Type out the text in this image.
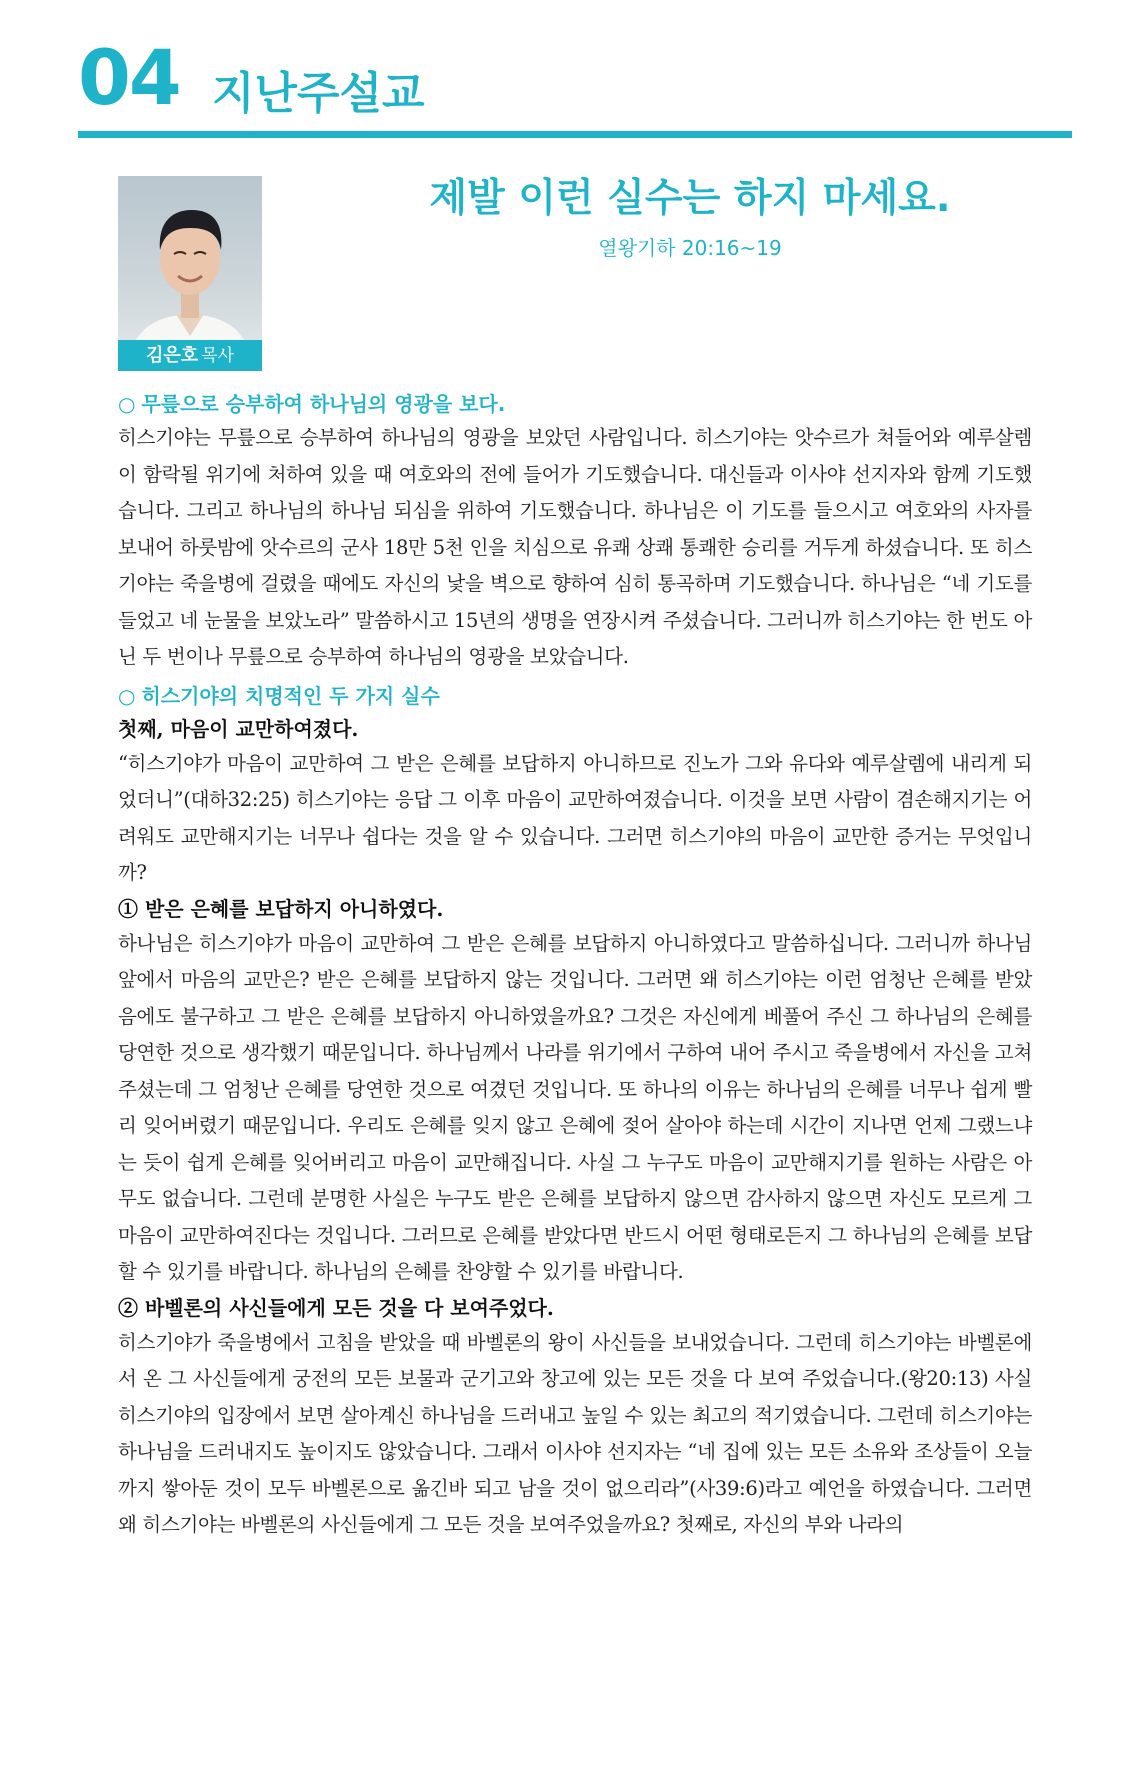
04 지난주설교
김은호 목사
제발 이런 실수는 하지 마세요.
열왕기하 20:16~19

○ 무릎으로 승부하여 하나님의 영광을 보다.

히스기야는 무릎으로 승부하여 하나님의 영광을 보았던 사람입니다. 히스기야는 앗수르가 쳐들어와 예루살렘이 함락될 위기에 처하여 있을 때 여호와의 전에 들어가 기도했습니다. 대신들과 이사야 선지자와 함께 기도했습니다. 그리고 하나님의 하나님 되심을 위하여 기도했습니다. 하나님은 이 기도를 들으시고 여호와의 사자를 보내어 하룻밤에 앗수르의 군사 18만 5천 인을 치심으로 유쾌 상쾌 통쾌한 승리를 거두게 하셨습니다. 또 히스기야는 죽을병에 걸렸을 때에도 자신의 낯을 벽으로 향하여 심히 통곡하며 기도했습니다. 하나님은 “네 기도를 들었고 네 눈물을 보았노라” 말씀하시고 15년의 생명을 연장시켜 주셨습니다. 그러니까 히스기야는 한 번도 아닌 두 번이나 무릎으로 승부하여 하나님의 영광을 보았습니다.

○ 히스기야의 치명적인 두 가지 실수

첫째, 마음이 교만하여졌다.

“히스기야가 마음이 교만하여 그 받은 은혜를 보답하지 아니하므로 진노가 그와 유다와 예루살렘에 내리게 되었더니”(대하32:25) 히스기야는 응답 그 이후 마음이 교만하여졌습니다. 이것을 보면 사람이 겸손해지기는 어려워도 교만해지기는 너무나 쉽다는 것을 알 수 있습니다. 그러면 히스기야의 마음이 교만한 증거는 무엇입니까?

① 받은 은혜를 보답하지 아니하였다.

하나님은 히스기야가 마음이 교만하여 그 받은 은혜를 보답하지 아니하였다고 말씀하십니다. 그러니까 하나님 앞에서 마음의 교만은? 받은 은혜를 보답하지 않는 것입니다. 그러면 왜 히스기야는 이런 엄청난 은혜를 받았음에도 불구하고 그 받은 은혜를 보답하지 아니하였을까요? 그것은 자신에게 베풀어 주신 그 하나님의 은혜를 당연한 것으로 생각했기 때문입니다. 하나님께서 나라를 위기에서 구하여 내어 주시고 죽을병에서 자신을 고쳐주셨는데 그 엄청난 은혜를 당연한 것으로 여겼던 것입니다. 또 하나의 이유는 하나님의 은혜를 너무나 쉽게 빨리 잊어버렸기 때문입니다. 우리도 은혜를 잊지 않고 은혜에 젖어 살아야 하는데 시간이 지나면 언제 그랬느냐는 듯이 쉽게 은혜를 잊어버리고 마음이 교만해집니다. 사실 그 누구도 마음이 교만해지기를 원하는 사람은 아무도 없습니다. 그런데 분명한 사실은 누구도 받은 은혜를 보답하지 않으면 감사하지 않으면 자신도 모르게 그 마음이 교만하여진다는 것입니다. 그러므로 은혜를 받았다면 반드시 어떤 형태로든지 그 하나님의 은혜를 보답할 수 있기를 바랍니다. 하나님의 은혜를 찬양할 수 있기를 바랍니다.

② 바벨론의 사신들에게 모든 것을 다 보여주었다.

히스기야가 죽을병에서 고침을 받았을 때 바벨론의 왕이 사신들을 보내었습니다. 그런데 히스기야는 바벨론에서 온 그 사신들에게 궁전의 모든 보물과 군기고와 창고에 있는 모든 것을 다 보여 주었습니다.(왕20:13) 사실 히스기야의 입장에서 보면 살아계신 하나님을 드러내고 높일 수 있는 최고의 적기였습니다. 그런데 히스기야는 하나님을 드러내지도 높이지도 않았습니다. 그래서 이사야 선지자는 “네 집에 있는 모든 소유와 조상들이 오늘까지 쌓아둔 것이 모두 바벨론으로 옮긴바 되고 남을 것이 없으리라”(사39:6)라고 예언을 하였습니다. 그러면 왜 히스기야는 바벨론의 사신들에게 그 모든 것을 보여주었을까요? 첫째로, 자신의 부와 나라의
